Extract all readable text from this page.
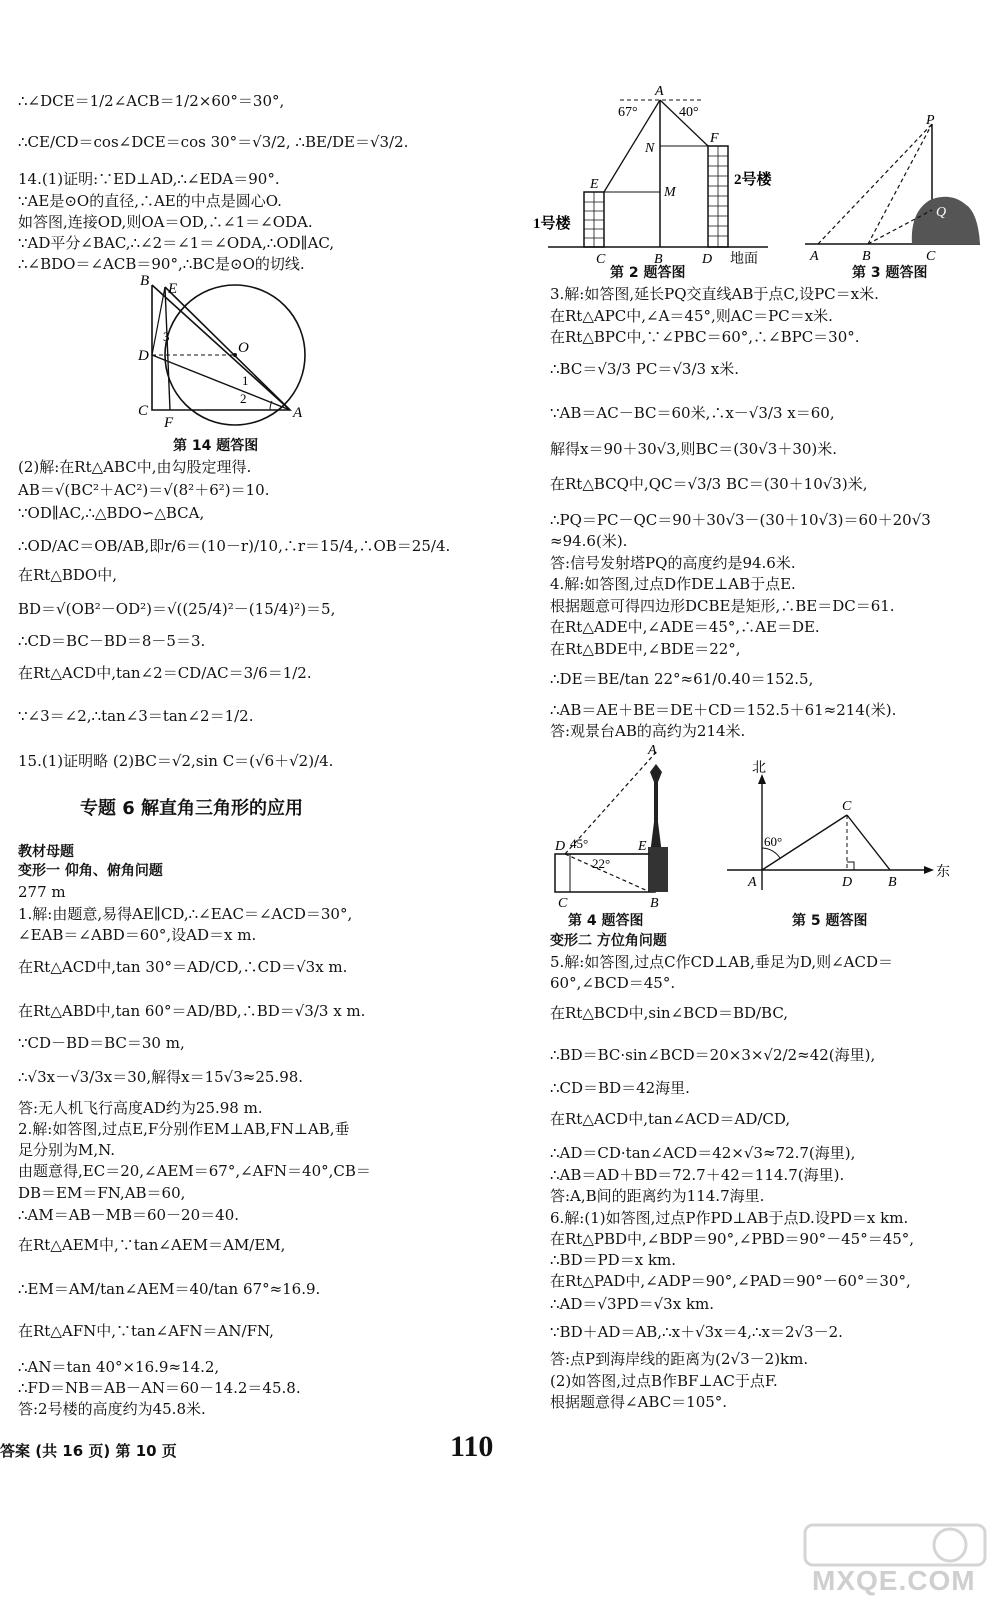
∴∠DCE＝1/2∠ACB＝1/2×60°＝30°,
∴CE/CD＝cos∠DCE＝cos 30°＝√3/2, ∴BE/DE＝√3/2.
14.(1)证明:∵ED⊥AD,∴∠EDA＝90°.
∵AE是⊙O的直径,∴AE的中点是圆心O.
如答图,连接OD,则OA＝OD,∴∠1＝∠ODA.
∵AD平分∠BAC,∴∠2＝∠1＝∠ODA,∴OD∥AC,
∴∠BDO＝∠ACB＝90°,∴BC是⊙O的切线.
B E
3
D	O
1
2
C
F
A
第 14 题答图
(2)解:在Rt△ABC中,由勾股定理得.
AB＝√(BC²＋AC²)＝√(8²＋6²)＝10.
∵OD∥AC,∴△BDO∽△BCA,
∴OD/AC＝OB/AB,即r/6＝(10－r)/10,∴r＝15/4,∴OB＝25/4.
在Rt△BDO中,
BD＝√(OB²－OD²)＝√((25/4)²－(15/4)²)＝5,
∴CD＝BC－BD＝8－5＝3.
在Rt△ACD中,tan∠2＝CD/AC＝3/6＝1/2.
∵∠3＝∠2,∴tan∠3＝tan∠2＝1/2.
15.(1)证明略 (2)BC＝√2,sin C＝(√6＋√2)/4.
专题 6 解直角三角形的应用
教材母题
变形一 仰角、俯角问题
277 m
1.解:由题意,易得AE∥CD,∴∠EAC＝∠ACD＝30°,
∠EAB＝∠ABD＝60°,设AD＝x m.
在Rt△ACD中,tan 30°＝AD/CD,∴CD＝√3x m.
在Rt△ABD中,tan 60°＝AD/BD,∴BD＝√3/3 x m.
∵CD－BD＝BC＝30 m,
∴√3x－√3/3x＝30,解得x＝15√3≈25.98.
答:无人机飞行高度AD约为25.98 m.
2.解:如答图,过点E,F分别作EM⊥AB,FN⊥AB,垂
足分别为M,N.
由题意得,EC＝20,∠AEM＝67°,∠AFN＝40°,CB＝
DB＝EM＝FN,AB＝60,
∴AM＝AB－MB＝60－20＝40.
在Rt△AEM中,∵tan∠AEM＝AM/EM,
∴EM＝AM/tan∠AEM＝40/tan 67°≈16.9.
在Rt△AFN中,∵tan∠AFN＝AN/FN,
∴AN＝tan 40°×16.9≈14.2,
∴FD＝NB＝AB－AN＝60－14.2＝45.8.
答:2号楼的高度约为45.8米.
A
67°	40°
N
F
E
M
2号楼
1号楼
C	B	D 地面
第 2 题答图
P
Q
A	B	C
第 3 题答图
3.解:如答图,延长PQ交直线AB于点C,设PC＝x米.
在Rt△APC中,∠A＝45°,则AC＝PC＝x米.
在Rt△BPC中,∵∠PBC＝60°,∴∠BPC＝30°.
∴BC＝√3/3 PC＝√3/3 x米.
∵AB＝AC－BC＝60米,∴x－√3/3 x＝60,
解得x＝90＋30√3,则BC＝(30√3＋30)米.
在Rt△BCQ中,QC＝√3/3 BC＝(30＋10√3)米,
∴PQ＝PC－QC＝90＋30√3－(30＋10√3)＝60＋20√3
≈94.6(米).
答:信号发射塔PQ的高度约是94.6米.
4.解:如答图,过点D作DE⊥AB于点E.
根据题意可得四边形DCBE是矩形,∴BE＝DC＝61.
在Rt△ADE中,∠ADE＝45°,∴AE＝DE.
在Rt△BDE中,∠BDE＝22°,
∴DE＝BE/tan 22°≈61/0.40＝152.5,
∴AB＝AE＋BE＝DE＋CD＝152.5＋61≈214(米).
答:观景台AB的高约为214米.
A
D 45°	E
22°
C	B
第 4 题答图
北
C
60°
A	D	B
东
第 5 题答图
变形二 方位角问题
5.解:如答图,过点C作CD⊥AB,垂足为D,则∠ACD＝
60°,∠BCD＝45°.
在Rt△BCD中,sin∠BCD＝BD/BC,
∴BD＝BC·sin∠BCD＝20×3×√2/2≈42(海里),
∴CD＝BD＝42海里.
在Rt△ACD中,tan∠ACD＝AD/CD,
∴AD＝CD·tan∠ACD＝42×√3≈72.7(海里),
∴AB＝AD＋BD＝72.7＋42＝114.7(海里).
答:A,B间的距离约为114.7海里.
6.解:(1)如答图,过点P作PD⊥AB于点D.设PD＝x km.
在Rt△PBD中,∠BDP＝90°,∠PBD＝90°－45°＝45°,
∴BD＝PD＝x km.
在Rt△PAD中,∠ADP＝90°,∠PAD＝90°－60°＝30°,
∴AD＝√3PD＝√3x km.
∵BD＋AD＝AB,∴x＋√3x＝4,∴x＝2√3－2.
答:点P到海岸线的距离为(2√3－2)km.
(2)如答图,过点B作BF⊥AC于点F.
根据题意得∠ABC＝105°.
答案 (共 16 页) 第 10 页	110
MXQE.COM
